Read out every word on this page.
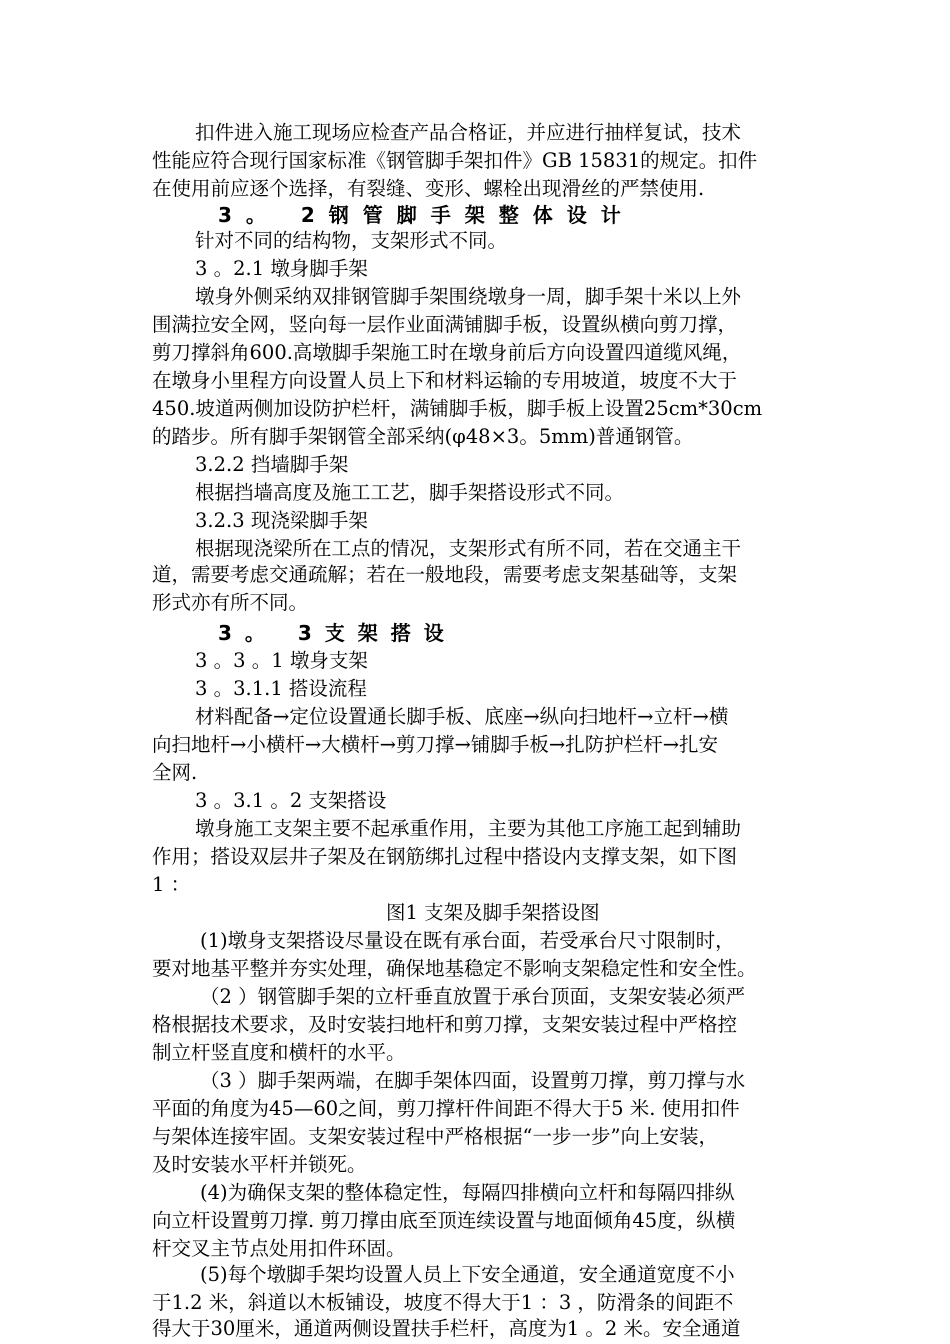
扣件进入施工现场应检查产品合格证，并应进行抽样复试，技术
性能应符合现行国家标准《钢管脚手架扣件》GB 15831的规定。扣件
在使用前应逐个选择，有裂缝、变形、螺栓出现滑丝的严禁使用.
3。 2钢管脚手架整体设计
针对不同的结构物，支架形式不同。
3 。2.1 墩身脚手架
墩身外侧采纳双排钢管脚手架围绕墩身一周，脚手架十米以上外
围满拉安全网，竖向每一层作业面满铺脚手板，设置纵横向剪刀撑，
剪刀撑斜角600.高墩脚手架施工时在墩身前后方向设置四道缆风绳，
在墩身小里程方向设置人员上下和材料运输的专用坡道，坡度不大于
450.坡道两侧加设防护栏杆，满铺脚手板，脚手板上设置25cm*30cm
的踏步。所有脚手架钢管全部采纳(φ48×3。5mm)普通钢管。
3.2.2 挡墙脚手架
根据挡墙高度及施工工艺，脚手架搭设形式不同。
3.2.3 现浇梁脚手架
根据现浇梁所在工点的情况，支架形式有所不同，若在交通主干
道，需要考虑交通疏解；若在一般地段，需要考虑支架基础等，支架
形式亦有所不同。
3。 3支架搭设
3 。3 。1 墩身支架
3 。3.1.1 搭设流程
材料配备→定位设置通长脚手板、底座→纵向扫地杆→立杆→横
向扫地杆→小横杆→大横杆→剪刀撑→铺脚手板→扎防护栏杆→扎安
全网.
3 。3.1 。2 支架搭设
墩身施工支架主要不起承重作用，主要为其他工序施工起到辅助
作用；搭设双层井子架及在钢筋绑扎过程中搭设内支撑支架，如下图
1 ：
图1 支架及脚手架搭设图
(1)墩身支架搭设尽量设在既有承台面，若受承台尺寸限制时，
要对地基平整并夯实处理，确保地基稳定不影响支架稳定性和安全性。
（2 ）钢管脚手架的立杆垂直放置于承台顶面，支架安装必须严
格根据技术要求，及时安装扫地杆和剪刀撑，支架安装过程中严格控
制立杆竖直度和横杆的水平。
（3 ）脚手架两端，在脚手架体四面，设置剪刀撑，剪刀撑与水
平面的角度为45—60之间，剪刀撑杆件间距不得大于5 米. 使用扣件
与架体连接牢固。支架安装过程中严格根据“一步一步”向上安装，
及时安装水平杆并锁死。
(4)为确保支架的整体稳定性，每隔四排横向立杆和每隔四排纵
向立杆设置剪刀撑. 剪刀撑由底至顶连续设置与地面倾角45度，纵横
杆交叉主节点处用扣件环固。
(5)每个墩脚手架均设置人员上下安全通道，安全通道宽度不小
于1.2 米，斜道以木板铺设，坡度不得大于1 ：3 ，防滑条的间距不
得大于30厘米，通道两侧设置扶手栏杆，高度为1 。2 米。安全通道
